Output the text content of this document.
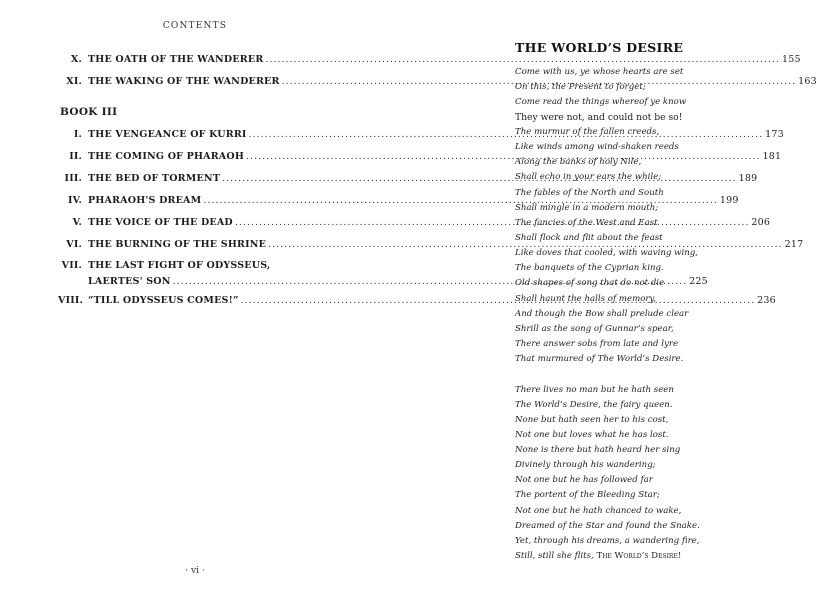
CONTENTS
X. THE OATH OF THE WANDERER .....	155
XI. THE WAKING OF THE WANDERER .....	163
BOOK III
I. THE VENGEANCE OF KURRI .....	173
II. THE COMING OF PHARAOH .....	181
III. THE BED OF TORMENT .....	189
IV. PHARAOH'S DREAM .....	199
V. THE VOICE OF THE DEAD .....	206
VI. THE BURNING OF THE SHRINE .....	217
VII. THE LAST FIGHT OF ODYSSEUS,
LAERTES' SON .....	225
VIII. “TILL ODYSSEUS COMES!” .....	236
· vi ·
THE WORLD’S DESIRE
Come with us, ye whose hearts are set
On this, the Present to forget;
Come read the things whereof ye know
They were not, and could not be so!
The murmur of the fallen creeds,
Like winds among wind-shaken reeds
Along the banks of holy Nile,
Shall echo in your ears the while;
The fables of the North and South
Shall mingle in a modern mouth;
The fancies of the West and East
Shall flock and flit about the feast
Like doves that cooled, with waving wing,
The banquets of the Cyprian king.
Old shapes of song that do not die
Shall haunt the halls of memory,
And though the Bow shall prelude clear
Shrill as the song of Gunnar’s spear,
There answer sobs from late and lyre
That murmured of The World’s Desire.
There lives no man but he hath seen
The World’s Desire, the fairy queen.
None but hath seen her to his cost,
Not one but loves what he has lost.
None is there but hath heard her sing
Divinely through his wandering;
Not one but he has followed far
The portent of the Bleeding Star;
Not one but he hath chanced to wake,
Dreamed of the Star and found the Snake.
Yet, through his dreams, a wandering fire,
Still, still she flits, The World’s Desire!
